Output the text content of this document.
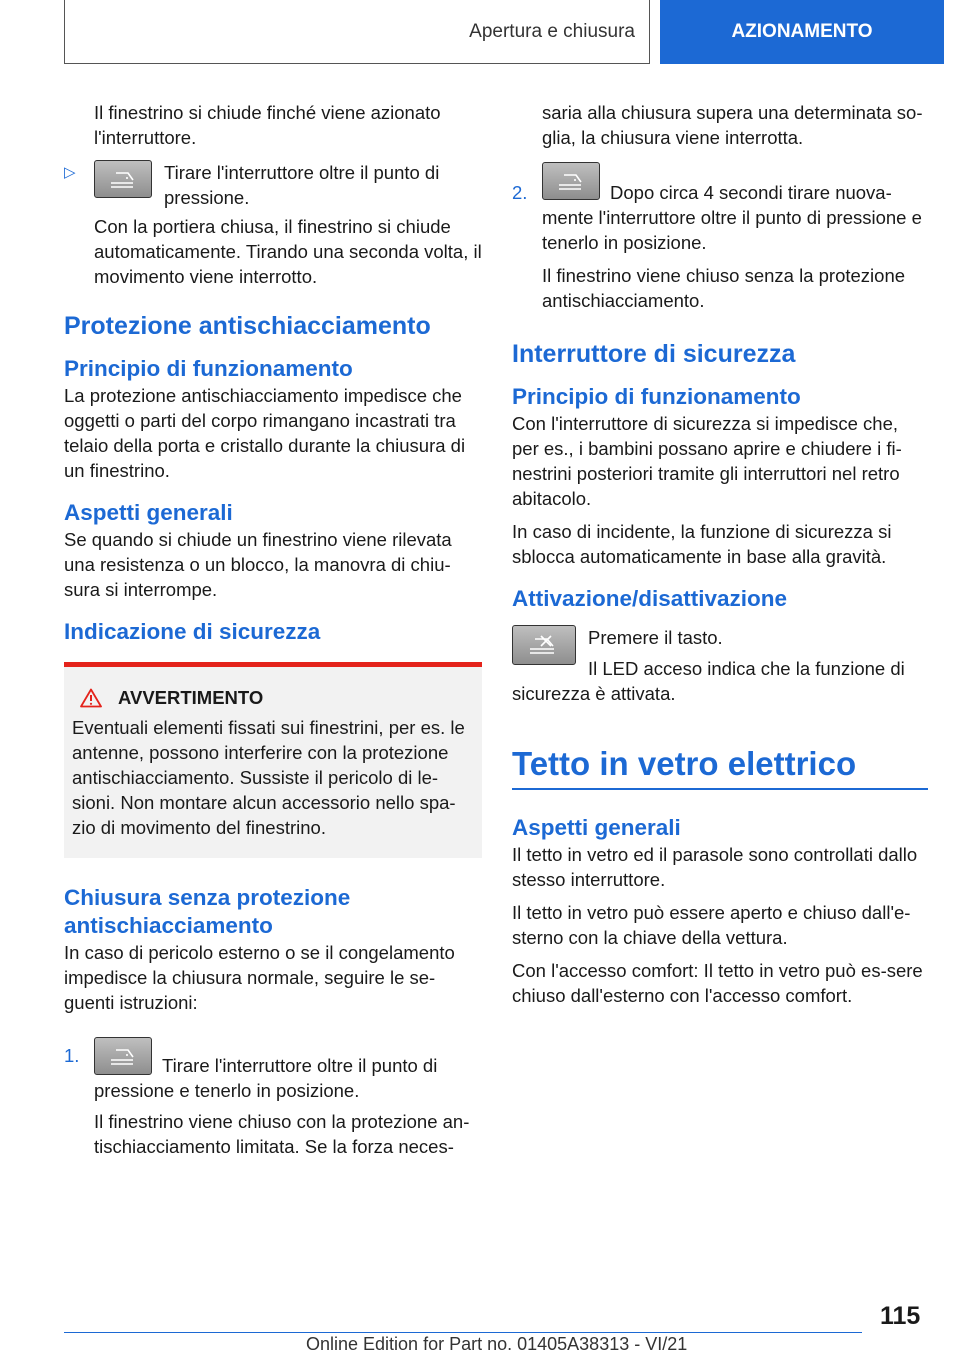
Apertura e chiusura	AZIONAMENTO

Il finestrino si chiude finché viene azionato l'interruttore.

▷	Tirare l'interruttore oltre il punto di pressione.

Con la portiera chiusa, il finestrino si chiude automaticamente. Tirando una seconda volta, il movimento viene interrotto.

Protezione antischiacciamento
Principio di funzionamento

La protezione antischiacciamento impedisce che oggetti o parti del corpo rimangano incastrati tra telaio della porta e cristallo durante la chiusura di un finestrino.

Aspetti generali

Se quando si chiude un finestrino viene rilevata una resistenza o un blocco, la manovra di chiu-sura si interrompe.

Indicazione di sicurezza
AVVERTIMENTO

Eventuali elementi fissati sui finestrini, per es. le antenne, possono interferire con la protezione antischiacciamento. Sussiste il pericolo di le-sioni. Non montare alcun accessorio nello spa-zio di movimento del finestrino.

Chiusura senza protezione antischiacciamento

In caso di pericolo esterno o se il congelamento impedisce la chiusura normale, seguire le se-guenti istruzioni:

1.	Tirare l'interruttore oltre il punto di pressione e tenerlo in posizione.

Il finestrino viene chiuso con la protezione an-tischiacciamento limitata. Se la forza neces-

saria alla chiusura supera una determinata so-glia, la chiusura viene interrotta.

2.	Dopo circa 4 secondi tirare nuova-mente l'interruttore oltre il punto di pressione e tenerlo in posizione.

Il finestrino viene chiuso senza la protezione antischiacciamento.

Interruttore di sicurezza
Principio di funzionamento

Con l'interruttore di sicurezza si impedisce che, per es., i bambini possano aprire e chiudere i fi-nestrini posteriori tramite gli interruttori nel retro abitacolo.

In caso di incidente, la funzione di sicurezza si sblocca automaticamente in base alla gravità.

Attivazione/disattivazione

Premere il tasto.

Il LED acceso indica che la funzione di sicurezza è attivata.

Tetto in vetro elettrico
Aspetti generali

Il tetto in vetro ed il parasole sono controllati dallo stesso interruttore.

Il tetto in vetro può essere aperto e chiuso dall'e-sterno con la chiave della vettura.

Con l'accesso comfort: Il tetto in vetro può es-sere chiuso dall'esterno con l'accesso comfort.

115
Online Edition for Part no. 01405A38313 - VI/21
